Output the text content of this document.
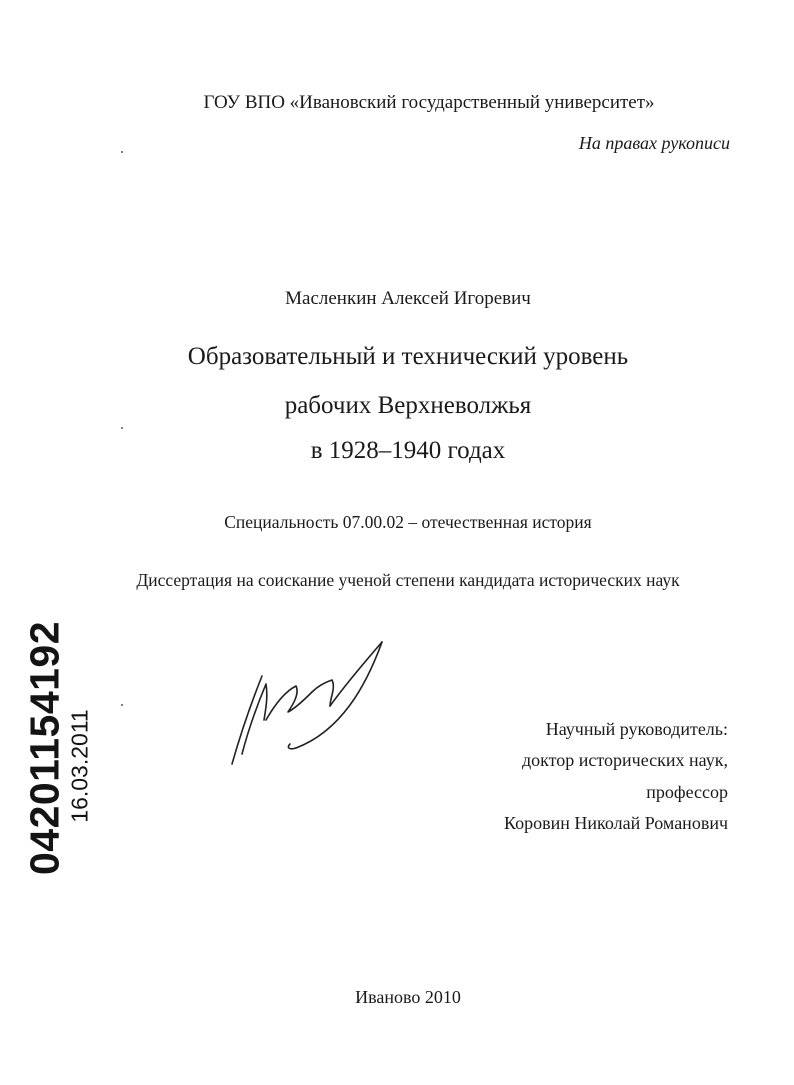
ГОУ ВПО «Ивановский государственный университет»
На правах рукописи
Масленкин Алексей Игоревич
Образовательный и технический уровень
рабочих Верхневолжья
в 1928–1940 годах
Специальность 07.00.02 – отечественная история
Диссертация на соискание ученой степени кандидата исторических наук
04201154192 16.03.2011	Научный руководитель:
доктор исторических наук,
профессор
Коровин Николай Романович
Иваново 2010
